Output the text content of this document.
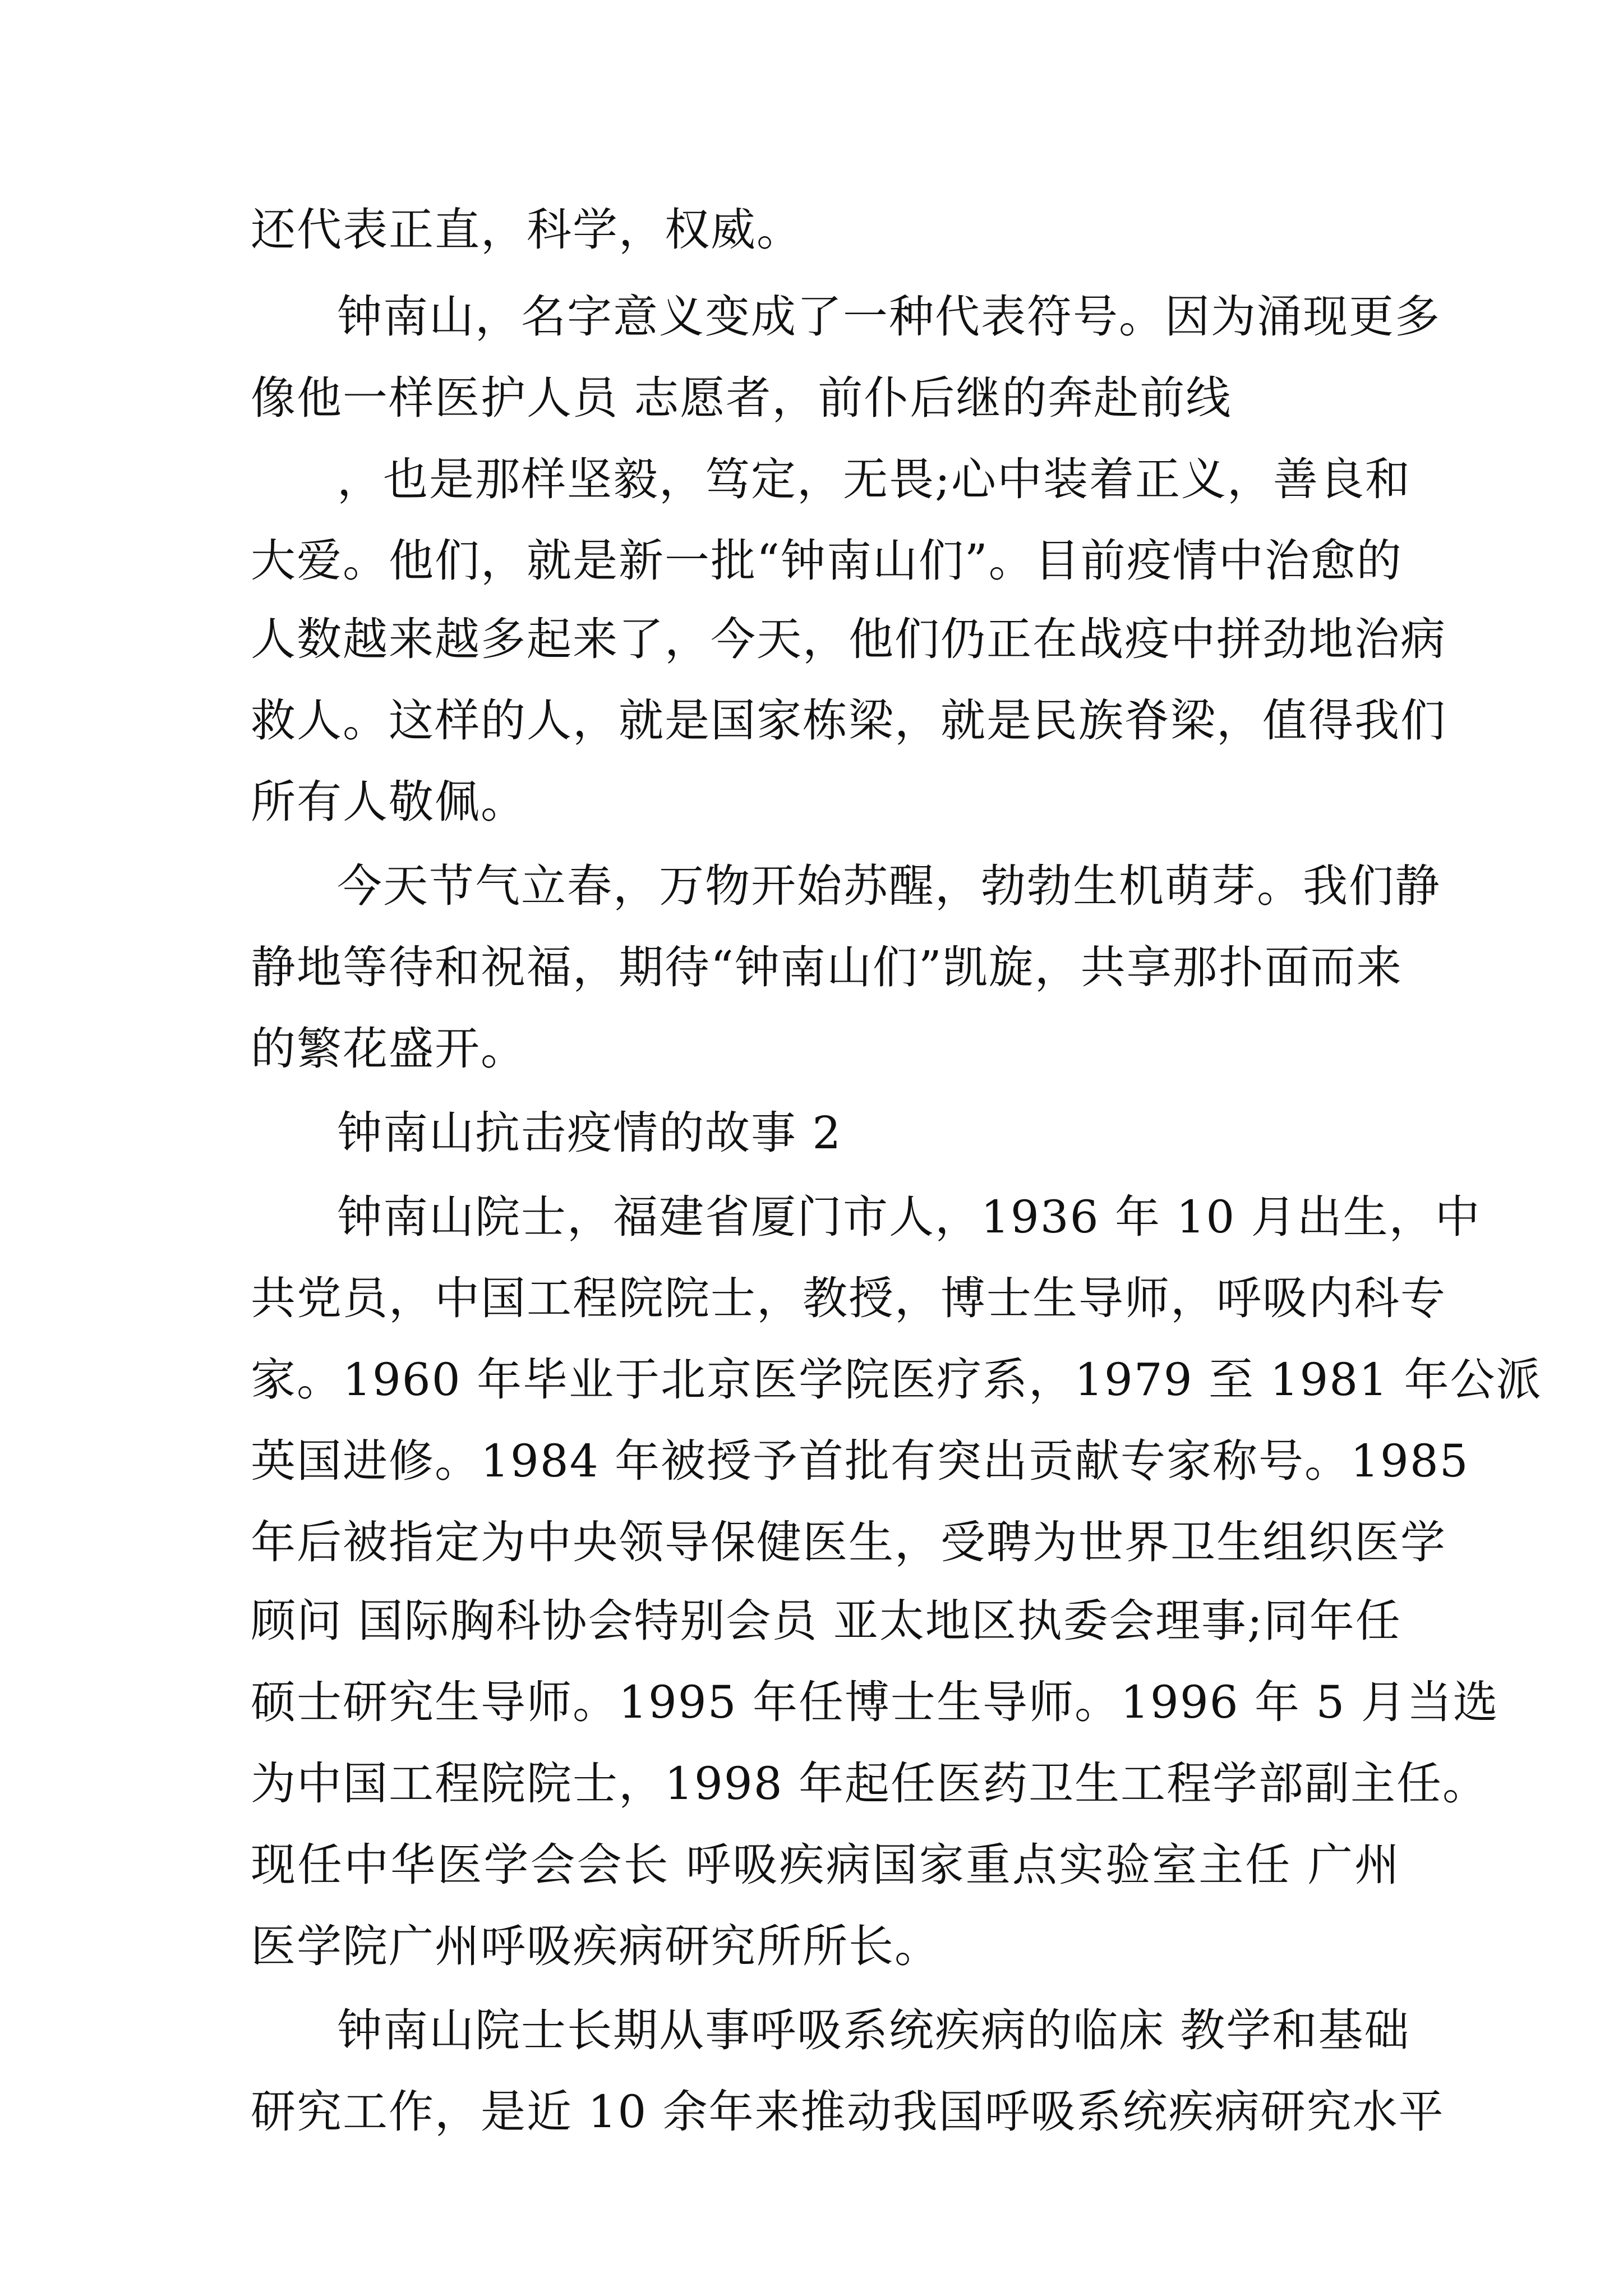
还代表正直，科学，权威。
钟南山，名字意义变成了一种代表符号。因为涌现更多
像他一样医护人员 志愿者，前仆后继的奔赴前线
，也是那样坚毅，笃定，无畏;心中装着正义，善良和
大爱。他们，就是新一批“钟南山们”。目前疫情中治愈的
人数越来越多起来了，今天，他们仍正在战疫中拼劲地治病
救人。这样的人，就是国家栋梁，就是民族脊梁，值得我们
所有人敬佩。
今天节气立春，万物开始苏醒，勃勃生机萌芽。我们静
静地等待和祝福，期待“钟南山们”凯旋，共享那扑面而来
的繁花盛开。
钟南山抗击疫情的故事 2
钟南山院士，福建省厦门市人，1936 年 10 月出生，中
共党员，中国工程院院士，教授，博士生导师，呼吸内科专
家。1960 年毕业于北京医学院医疗系，1979 至 1981 年公派
英国进修。1984 年被授予首批有突出贡献专家称号。1985
年后被指定为中央领导保健医生，受聘为世界卫生组织医学
顾问 国际胸科协会特别会员 亚太地区执委会理事;同年任
硕士研究生导师。1995 年任博士生导师。1996 年 5 月当选
为中国工程院院士，1998 年起任医药卫生工程学部副主任。
现任中华医学会会长 呼吸疾病国家重点实验室主任 广州
医学院广州呼吸疾病研究所所长。
钟南山院士长期从事呼吸系统疾病的临床 教学和基础
研究工作，是近 10 余年来推动我国呼吸系统疾病研究水平
